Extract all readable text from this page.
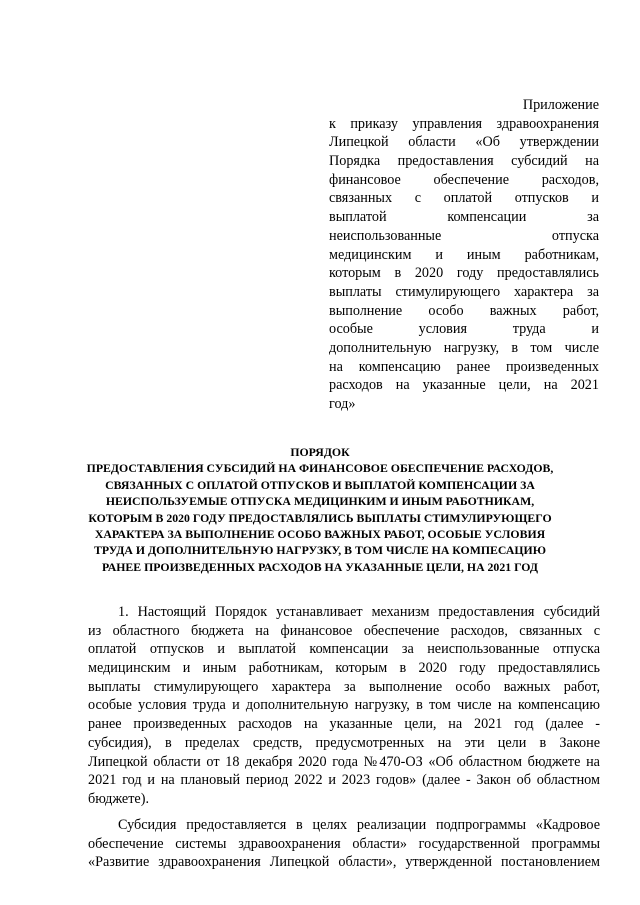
Приложение
к приказу управления здравоохранения
Липецкой области «Об утверждении
Порядка предоставления субсидий на
финансовое обеспечение расходов,
связанных с оплатой отпусков и
выплатой компенсации за
неиспользованные отпуска
медицинским и иным работникам,
которым в 2020 году предоставлялись
выплаты стимулирующего характера за
выполнение особо важных работ,
особые условия труда и
дополнительную нагрузку, в том числе
на компенсацию ранее произведенных
расходов на указанные цели, на 2021
год»
ПОРЯДОК
ПРЕДОСТАВЛЕНИЯ СУБСИДИЙ НА ФИНАНСОВОЕ ОБЕСПЕЧЕНИЕ РАСХОДОВ,
СВЯЗАННЫХ С ОПЛАТОЙ ОТПУСКОВ И ВЫПЛАТОЙ КОМПЕНСАЦИИ ЗА
НЕИСПОЛЬЗУЕМЫЕ ОТПУСКА МЕДИЦИНКИМ И ИНЫМ РАБОТНИКАМ,
КОТОРЫМ В 2020 ГОДУ ПРЕДОСТАВЛЯЛИСЬ ВЫПЛАТЫ СТИМУЛИРУЮЩЕГО
ХАРАКТЕРА ЗА ВЫПОЛНЕНИЕ ОСОБО ВАЖНЫХ РАБОТ, ОСОБЫЕ УСЛОВИЯ
ТРУДА И ДОПОЛНИТЕЛЬНУЮ НАГРУЗКУ, В ТОМ ЧИСЛЕ НА КОМПЕСАЦИЮ
РАНЕЕ ПРОИЗВЕДЕННЫХ РАСХОДОВ НА УКАЗАННЫЕ ЦЕЛИ, НА 2021 ГОД
1. Настоящий Порядок устанавливает механизм предоставления субсидий
из областного бюджета на финансовое обеспечение расходов, связанных с
оплатой отпусков и выплатой компенсации за неиспользованные отпуска
медицинским и иным работникам, которым в 2020 году предоставлялись
выплаты стимулирующего характера за выполнение особо важных работ,
особые условия труда и дополнительную нагрузку, в том числе на компенсацию
ранее произведенных расходов на указанные цели, на 2021 год (далее -
субсидия), в пределах средств, предусмотренных на эти цели в Законе
Липецкой области от 18 декабря 2020 года №470-ОЗ «Об областном бюджете на
2021 год и на плановый период 2022 и 2023 годов» (далее - Закон об областном
бюджете).
Субсидия предоставляется в целях реализации подпрограммы «Кадровое
обеспечение системы здравоохранения области» государственной программы
«Развитие здравоохранения Липецкой области», утвержденной постановлением
